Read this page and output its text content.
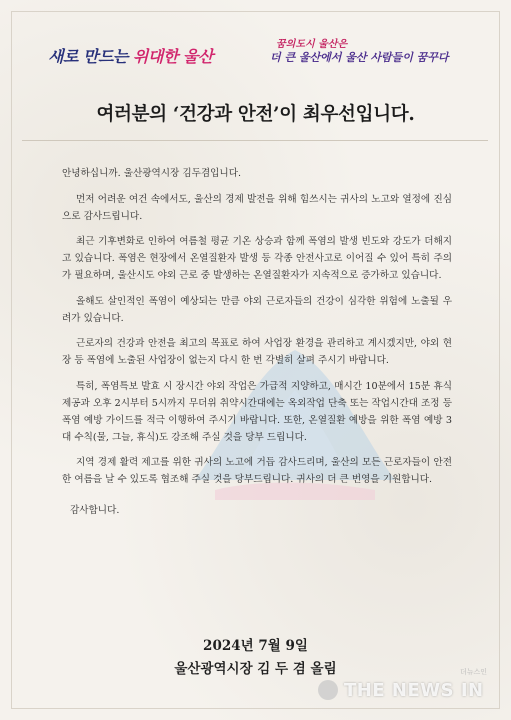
새로 만드는 위대한 울산
꿈의도시 울산은
더 큰 울산에서 울산 사람들이 꿈꾸다
여러분의 ‘건강과 안전’이 최우선입니다.

안녕하십니까. 울산광역시장 김두겸입니다.

먼저 어려운 여건 속에서도, 울산의 경제 발전을 위해 힘쓰시는 귀사의 노고와 열정에 진심으로 감사드립니다.

최근 기후변화로 인하여 여름철 평균 기온 상승과 함께 폭염의 발생 빈도와 강도가 더해지고 있습니다. 폭염은 현장에서 온열질환자 발생 등 각종 안전사고로 이어질 수 있어 특히 주의가 필요하며, 울산시도 야외 근로 중 발생하는 온열질환자가 지속적으로 증가하고 있습니다.

올해도 살인적인 폭염이 예상되는 만큼 야외 근로자들의 건강이 심각한 위험에 노출될 우려가 있습니다.

근로자의 건강과 안전을 최고의 목표로 하여 사업장 환경을 관리하고 계시겠지만, 야외 현장 등 폭염에 노출된 사업장이 없는지 다시 한 번 각별히 살펴 주시기 바랍니다.

특히, 폭염특보 발효 시 장시간 야외 작업은 가급적 지양하고, 매시간 10분에서 15분 휴식 제공과 오후 2시부터 5시까지 무더위 취약시간대에는 옥외작업 단축 또는 작업시간대 조정 등 폭염 예방 가이드를 적극 이행하여 주시기 바랍니다. 또한, 온열질환 예방을 위한 폭염 예방 3대 수칙(물, 그늘, 휴식)도 강조해 주실 것을 당부 드립니다.

지역 경제 활력 제고를 위한 귀사의 노고에 거듭 감사드리며, 울산의 모든 근로자들이 안전한 여름을 날 수 있도록 협조해 주실 것을 당부드립니다. 귀사의 더 큰 번영을 기원합니다.

감사합니다.

2024년 7월 9일
울산광역시장 김 두 겸 올림	더뉴스인
THE NEWS IN
